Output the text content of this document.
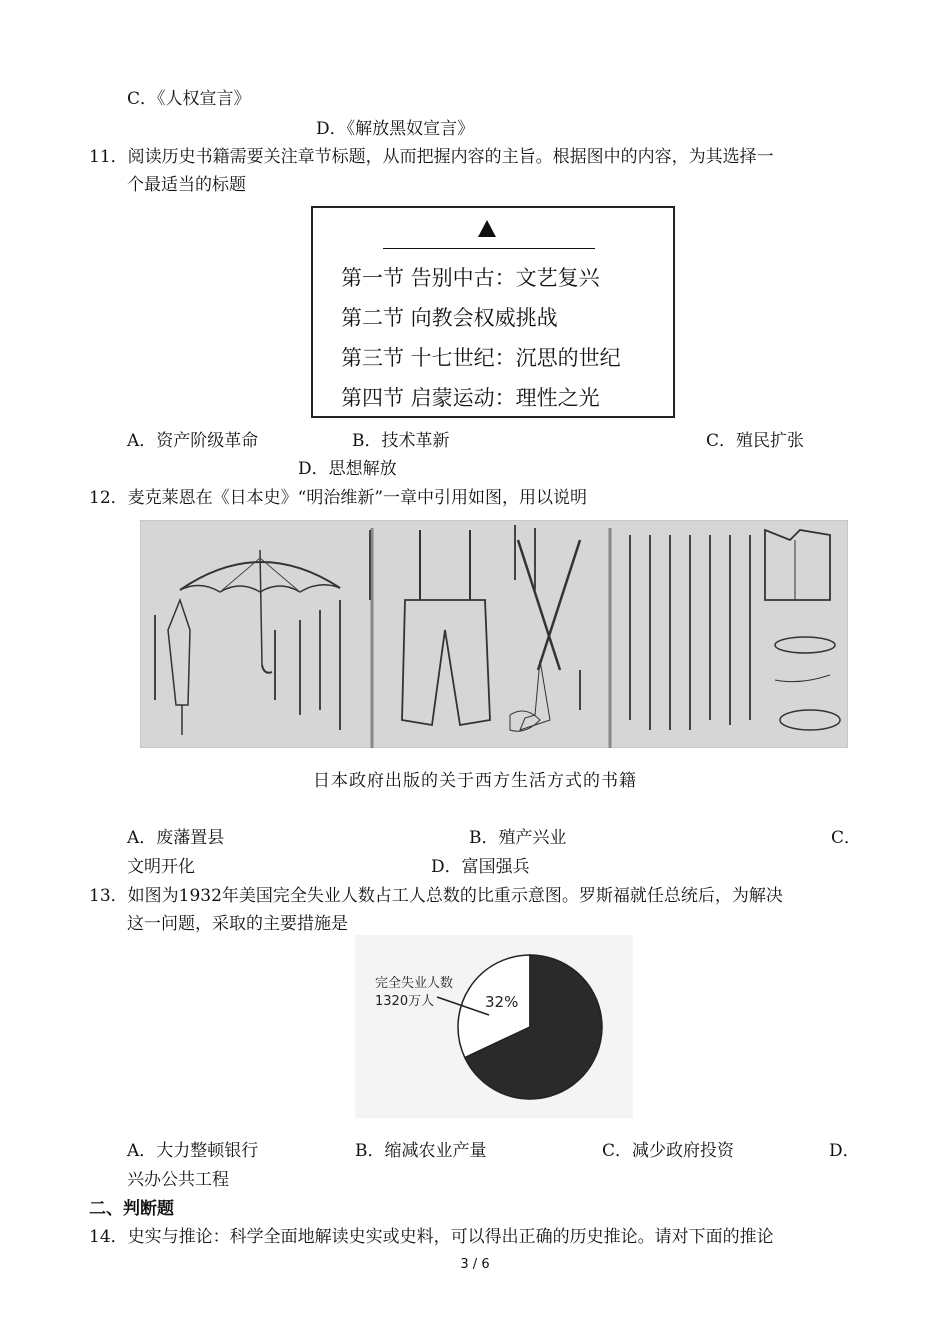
C．《人权宣言》
D．《解放黑奴宣言》
11．阅读历史书籍需要关注章节标题，从而把握内容的主旨。根据图中的内容，为其选择一
个最适当的标题
第一节 告别中古：文艺复兴
第二节 向教会权威挑战
第三节 十七世纪：沉思的世纪
第四节 启蒙运动：理性之光
A．资产阶级革命	B．技术革新	C．殖民扩张
D．思想解放
12．麦克莱恩在《日本史》“明治维新”一章中引用如图，用以说明
日本政府出版的关于西方生活方式的书籍
A．废藩置县	B．殖产兴业	C．
文明开化	D．富国强兵
13．如图为1932年美国完全失业人数占工人总数的比重示意图。罗斯福就任总统后，为解决
这一问题，采取的主要措施是
完全失业人数
1320万人	32%
A．大力整顿银行	B．缩减农业产量	C．减少政府投资	D．
兴办公共工程
二、判断题
14．史实与推论：科学全面地解读史实或史料，可以得出正确的历史推论。请对下面的推论
3 / 6
